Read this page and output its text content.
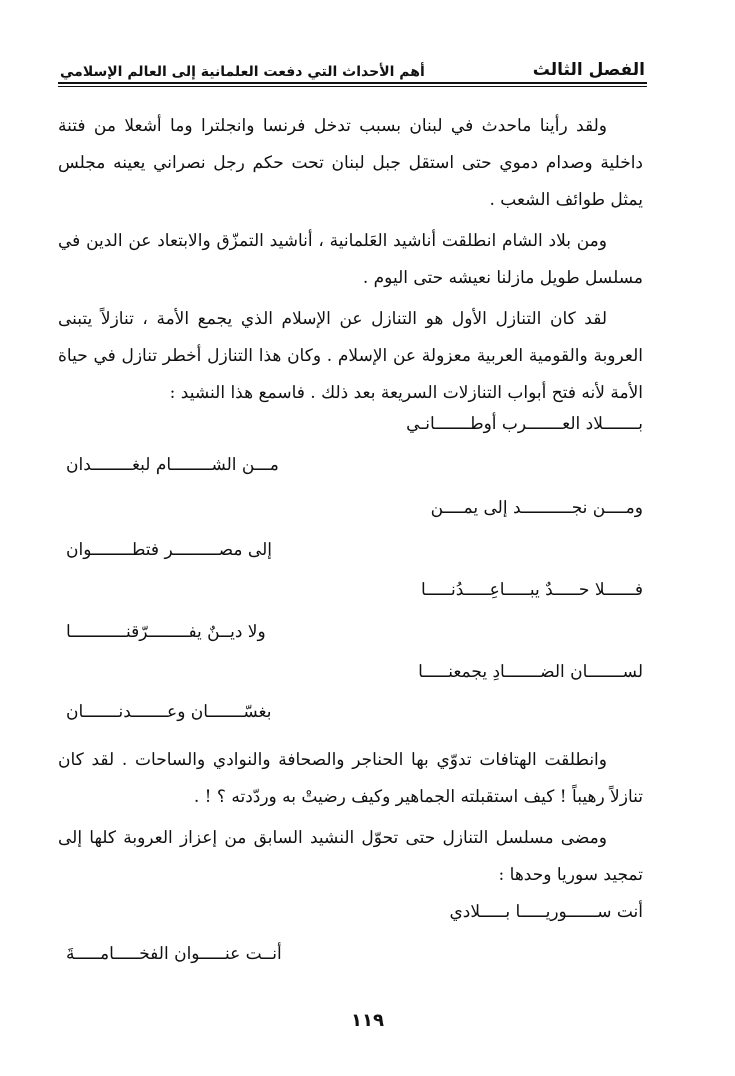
الفصل الثالث
أهم الأحداث التي دفعت العلمانية إلى العالم الإسلامي

ولقد رأينا ماحدث في لبنان بسبب تدخل فرنسا وانجلترا وما أشعلا من فتنة داخلية وصدام دموي حتى استقل جبل لبنان تحت حكم رجل نصراني يعينه مجلس يمثل طوائف الشعب .

ومن بلاد الشام انطلقت أناشيد العَلمانية ، أناشيد التمزّق والابتعاد عن الدين في مسلسل طويل مازلنا نعيشه حتى اليوم .

لقد كان التنازل الأول هو التنازل عن الإسلام الذي يجمع الأمة ، تنازلاً يتبنى العروبة والقومية العربية معزولة عن الإسلام . وكان هذا التنازل أخطر تنازل في حياة الأمة لأنه فتح أبواب التنازلات السريعة بعد ذلك . فاسمع هذا النشيد :

بـــــــلاد العـــــــرب أوطـــــــانـي
مـــن الشــــــــام لبغــــــــدان
ومــــن نجــــــــــد إلى يمــــن
إلى مصـــــــــر فتطــــــــوان
فــــــلا حـــــدٌ يبـــــاعِـــــدُنـــــا
ولا ديــنٌ يفــــــــرّقنـــــــــــا
لســـــــان الضـــــــادِ يجمعنـــــا
بغسّـــــــان وعـــــــدنـــــــان

وانطلقت الهتافات تدوّي بها الحناجر والصحافة والنوادي والساحات . لقد كان تنازلاً رهيباً ! كيف استقبلته الجماهير وكيف رضيتْ به وردّدته ؟ ! .

ومضى مسلسل التنازل حتى تحوّل النشيد السابق من إعزاز العروبة كلها إلى تمجيد سوريا وحدها :

أنت ســــــوريـــــا بـــــلادي
أنــت عنـــــوان الفخـــــامـــــةَ
١١٩
